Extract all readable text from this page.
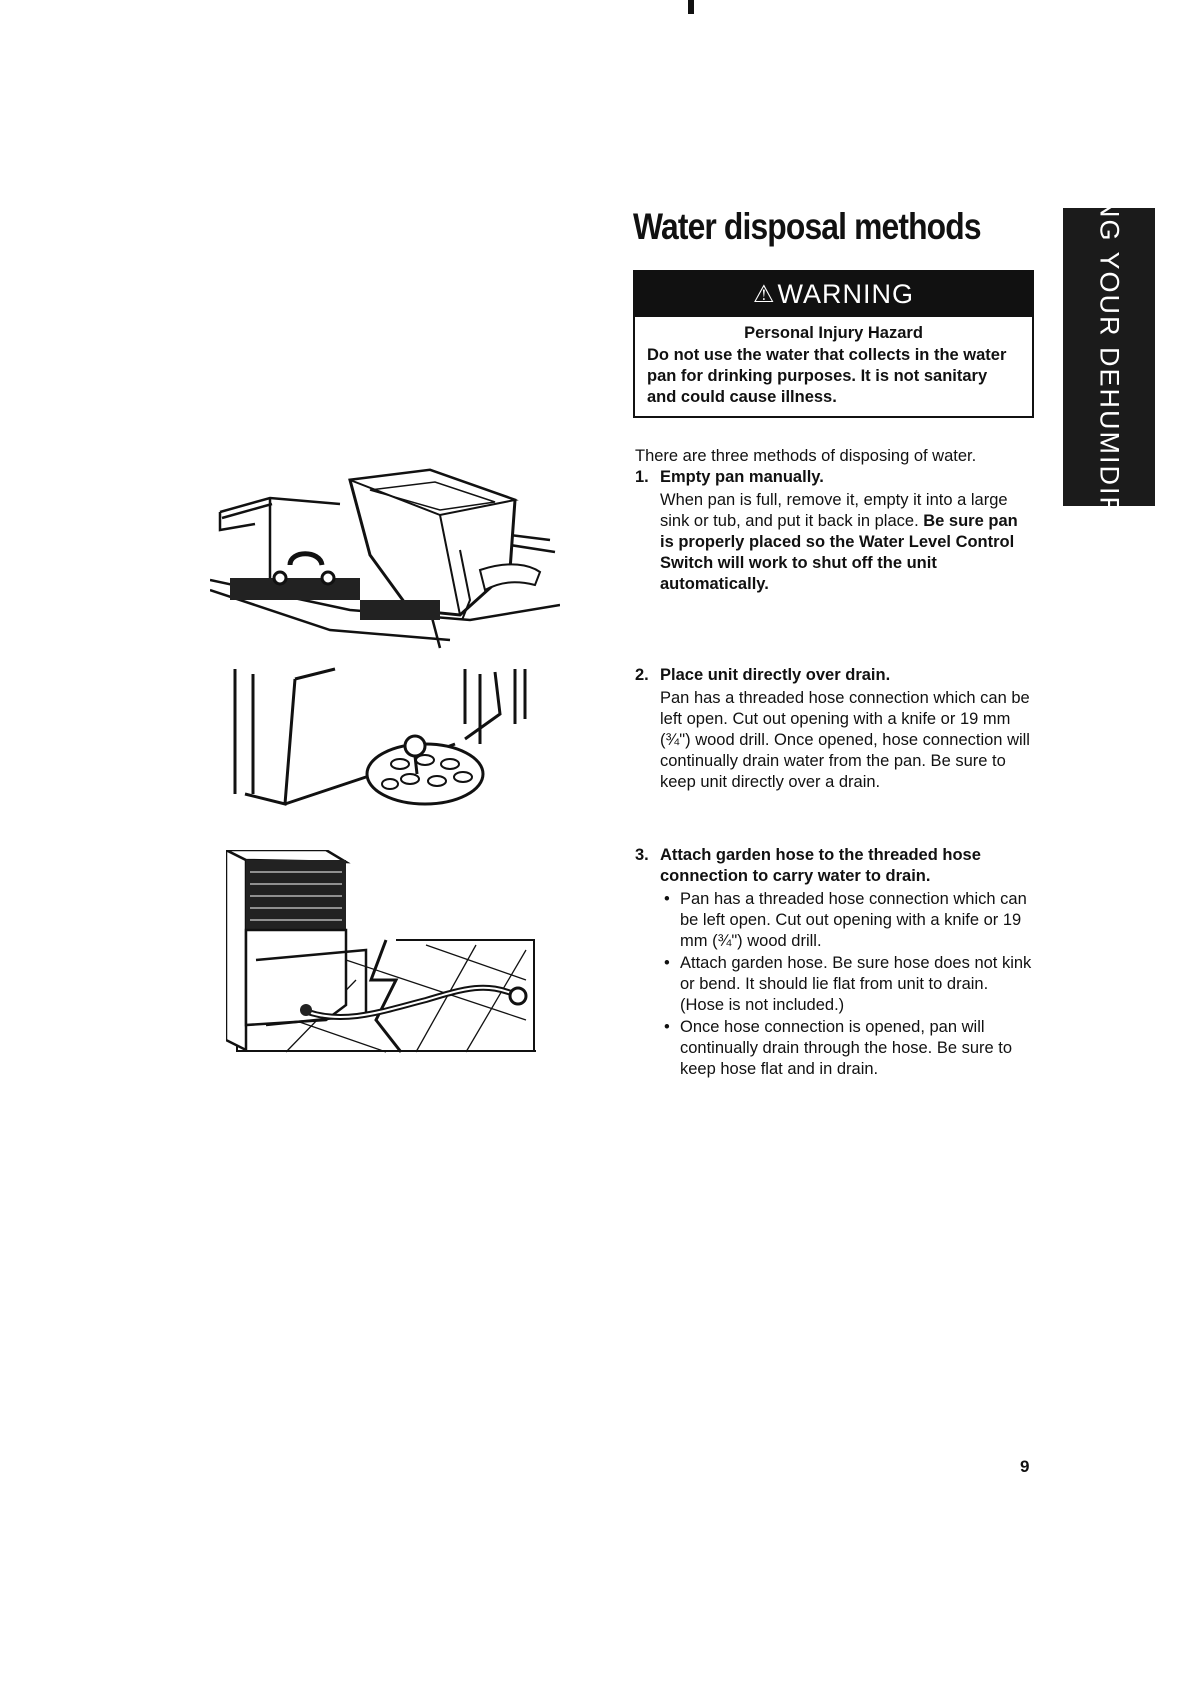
USING YOUR DEHUMIDIFIER
Water disposal methods
⚠ WARNING
Personal Injury Hazard
Do not use the water that collects in the water pan for drinking purposes. It is not sanitary and could cause illness.
There are three methods of disposing of water.
1. Empty pan manually.

When pan is full, remove it, empty it into a large sink or tub, and put it back in place. Be sure pan is properly placed so the Water Level Control Switch will work to shut off the unit automatically.

2. Place unit directly over drain.

Pan has a threaded hose connection which can be left open. Cut out opening with a knife or 19 mm (¾") wood drill. Once opened, hose connection will continually drain water from the pan. Be sure to keep unit directly over a drain.

3. Attach garden hose to the threaded hose connection to carry water to drain.

• Pan has a threaded hose connection which can be left open. Cut out opening with a knife or 19 mm (¾") wood drill.
• Attach garden hose. Be sure hose does not kink or bend. It should lie flat from unit to drain. (Hose is not included.)
• Once hose connection is opened, pan will continually drain through the hose. Be sure to keep hose flat and in drain.
9
